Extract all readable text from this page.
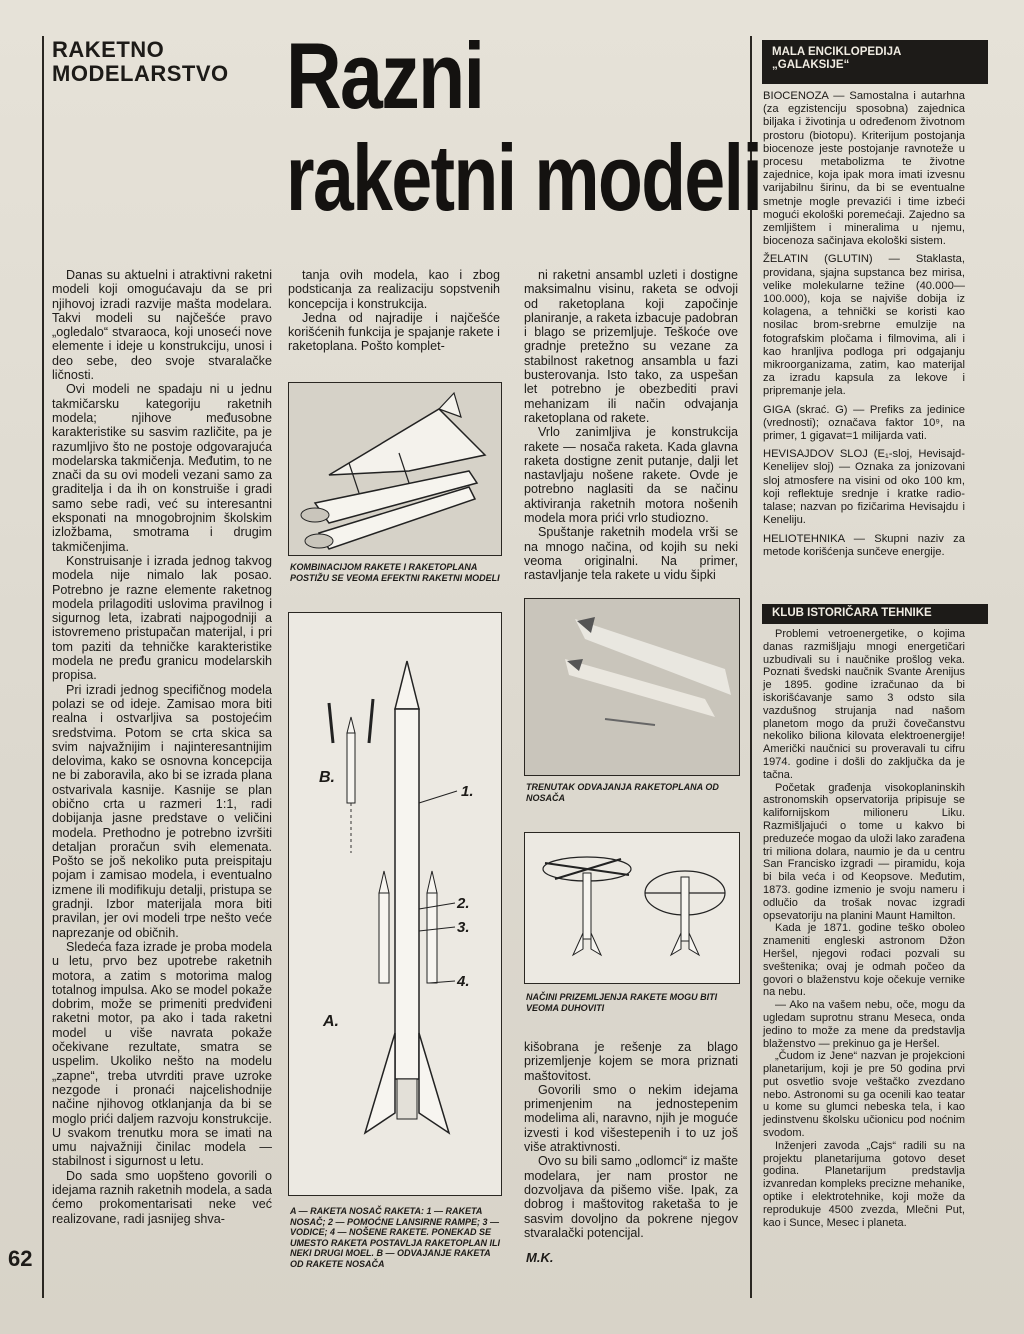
RAKETNO MODELARSTVO Razni
raketni modeli

Danas su aktuelni i atraktivni raketni modeli koji omogućavaju da se pri njihovoj izradi razvije mašta modelara. Takvi modeli su najčešće pravo „ogledalo“ stvaraoca, koji unoseći nove elemente i ideje u konstrukciju, unosi i deo sebe, deo svoje stvaralačke ličnosti.

Ovi modeli ne spadaju ni u jednu takmičarsku kategoriju raketnih modela; njihove međusobne karakteristike su sasvim različite, pa je razumljivo što ne postoje odgovarajuća modelarska takmičenja. Međutim, to ne znači da su ovi modeli vezani samo za graditelja i da ih on konstruiše i gradi samo sebe radi, već su interesantni eksponati na mnogobrojnim školskim izložbama, smotrama i drugim takmičenjima.

Konstruisanje i izrada jednog takvog modela nije nimalo lak posao. Potrebno je razne elemente raketnog modela prilagoditi uslovima pravilnog i sigurnog leta, izabrati najpogodniji a istovremeno pristupačan materijal, i pri tom paziti da tehničke karakteristike modela ne pređu granicu modelarskih propisa.

Pri izradi jednog specifičnog modela polazi se od ideje. Zamisao mora biti realna i ostvarljiva sa postojećim sredstvima. Potom se crta skica sa svim najvažnijim i najinteresantnijim delovima, kako se osnovna koncepcija ne bi zaboravila, ako bi se izrada plana ostvarivala kasnije. Kasnije se plan obično crta u razmeri 1:1, radi dobijanja jasne predstave o veličini modela. Prethodno je potrebno izvršiti detaljan proračun svih elemenata. Pošto se još nekoliko puta preispitaju pojam i zamisao modela, i eventualno izmene ili modifikuju detalji, pristupa se gradnji. Izbor materijala mora biti pravilan, jer ovi modeli trpe nešto veće naprezanje od običnih.

Sledeća faza izrade je proba modela u letu, prvo bez upotrebe raketnih motora, a zatim s motorima malog totalnog impulsa. Ako se model pokaže dobrim, može se primeniti predviđeni raketni motor, pa ako i tada raketni model u više navrata pokaže očekivane rezultate, smatra se uspelim. Ukoliko nešto na modelu „zapne“, treba utvrditi prave uzroke nezgode i pronaći najcelishodnije načine njihovog otklanjanja da bi se moglo prići daljem razvoju konstrukcije. U svakom trenutku mora se imati na umu najvažniji činilac modela — stabilnost i sigurnost u letu.

Do sada smo uopšteno govorili o idejama raznih raketnih modela, a sada ćemo prokomentarisati neke već realizovane, radi jasnijeg shva-

tanja ovih modela, kao i zbog podsticanja za realizaciju sopstvenih koncepcija i konstrukcija.

Jedna od najradije i najčešće korišćenih funkcija je spajanje rakete i raketoplana. Pošto komplet-

KOMBINACIJOM RAKETE I RAKETOPLANA POSTIŽU SE VEOMA EFEKTNI RAKETNI MODELI
B.
1.
2.
3.
4.
A.
A — RAKETA NOSAČ RAKETA: 1 — RAKETA NOSAČ; 2 — POMOĆNE LANSIRNE RAMPE; 3 — VODICE; 4 — NOŠENE RAKETE. PONEKAD SE UMESTO RAKETA POSTAVLJA RAKETOPLAN ILI NEKI DRUGI MOEL. B — ODVAJANJE RAKETA OD RAKETE NOSAČA

ni raketni ansambl uzleti i dostigne maksimalnu visinu, raketa se odvoji od raketoplana koji započinje planiranje, a raketa izbacuje padobran i blago se prizemljuje. Teškoće ove gradnje pretežno su vezane za stabilnost raketnog ansambla u fazi busterovanja. Isto tako, za uspešan let potrebno je obezbediti pravi mehanizam ili način odvajanja raketoplana od rakete.

Vrlo zanimljiva je konstrukcija rakete — nosača raketa. Kada glavna raketa dostigne zenit putanje, dalji let nastavljaju nošene rakete. Ovde je potrebno naglasiti da se načinu aktiviranja raketnih motora nošenih modela mora prići vrlo studiozno.

Spuštanje raketnih modela vrši se na mnogo načina, od kojih su neki veoma originalni. Na primer, rastavljanje tela rakete u vidu šipki

TRENUTAK ODVAJANJA RAKETOPLANA OD NOSAČA
NAČINI PRIZEMLJENJA RAKETE MOGU BITI VEOMA DUHOVITI

kišobrana je rešenje za blago prizemljenje kojem se mora priznati maštovitost.

Govorili smo o nekim idejama primenjenim na jednostepenim modelima ali, naravno, njih je moguće izvesti i kod višestepenih i to uz još više atraktivnosti.

Ovo su bili samo „odlomci“ iz mašte modelara, jer nam prostor ne dozvoljava da pišemo više. Ipak, za dobrog i maštovitog raketaša to je sasvim dovoljno da pokrene njegov stvaralački potencijal.

M.K.
MALA ENCIKLOPEDIJA „GALAKSIJE“

BIOCENOZA — Samostalna i autarhna (za egzistenciju sposobna) zajednica biljaka i životinja u određenom životnom prostoru (biotopu). Kriterijum postojanja biocenoze jeste postojanje ravnoteže u procesu metabolizma te životne zajednice, koja ipak mora imati izvesnu varijabilnu širinu, da bi se eventualne smetnje mogle prevazići i time izbeći mogući ekološki poremećaji. Zajedno sa zemljištem i mineralima u njemu, biocenoza sačinjava ekološki sistem.

ŽELATIN (GLUTIN) — Staklasta, providana, sjajna supstanca bez mirisa, velike molekularne težine (40.000—100.000), koja se najviše dobija iz kolagena, a tehnički se koristi kao nosilac brom-srebrne emulzije na fotografskim pločama i filmovima, ali i kao hranljiva podloga pri odgajanju mikroorganizama, zatim, kao materijal za izradu kapsula za lekove i pripremanje jela.

GIGA (skrać. G) — Prefiks za jedinice (vrednosti); označava faktor 10⁹, na primer, 1 gigavat=1 milijarda vati.

HEVISAJDOV SLOJ (E₁-sloj, Hevisajd-Kenelijev sloj) — Oznaka za jonizovani sloj atmosfere na visini od oko 100 km, koji reflektuje srednje i kratke radio-talase; nazvan po fizičarima Hevisajdu i Keneliju.

HELIOTEHNIKA — Skupni naziv za metode korišćenja sunčeve energije.

KLUB ISTORIČARA TEHNIKE

Problemi vetroenergetike, o kojima danas razmišljaju mnogi energetičari uzbudivali su i naučnike prošlog veka. Poznati švedski naučnik Svante Arenijus je 1895. godine izračunao da bi iskorišćavanje samo 3 odsto sila vazdušnog strujanja nad našom planetom mogo da pruži čovečanstvu nekoliko biliona kilovata elektroenergije! Američki naučnici su proveravali tu cifru 1974. godine i došli do zaključka da je tačna.

Početak građenja visokoplaninskih astronomskih opservatorija pripisuje se kalifornijskom milioneru Liku. Razmišljajući o tome u kakvo bi preduzeće mogao da uloži lako zarađena tri miliona dolara, naumio je da u centru San Francisko izgradi — piramidu, koja bi bila veća i od Keopsove. Međutim, 1873. godine izmenio je svoju nameru i odlučio da trošak novac izgradi opsevatoriju na planini Maunt Hamilton.

Kada je 1871. godine teško oboleo znameniti engleski astronom Džon Heršel, njegovi rođaci pozvali su sveštenika; ovaj je odmah počeo da govori o blaženstvu koje očekuje vernike na nebu.

— Ako na vašem nebu, oče, mogu da ugledam suprotnu stranu Meseca, onda jedino to može za mene da predstavlja blaženstvo — prekinuo ga je Heršel.

„Čudom iz Jene“ nazvan je projekcioni planetarijum, koji je pre 50 godina prvi put osvetlio svoje veštačko zvezdano nebo. Astronomi su ga ocenili kao teatar u kome su glumci nebeska tela, i kao jedinstvenu školsku učionicu pod noćnim svodom.

Inženjeri zavoda „Cajs“ radili su na projektu planetarijuma gotovo deset godina. Planetarijum predstavlja izvanredan kompleks precizne mehanike, optike i elektrotehnike, koji može da reprodukuje 4500 zvezda, Mlečni Put, kao i Sunce, Mesec i planeta.

62
